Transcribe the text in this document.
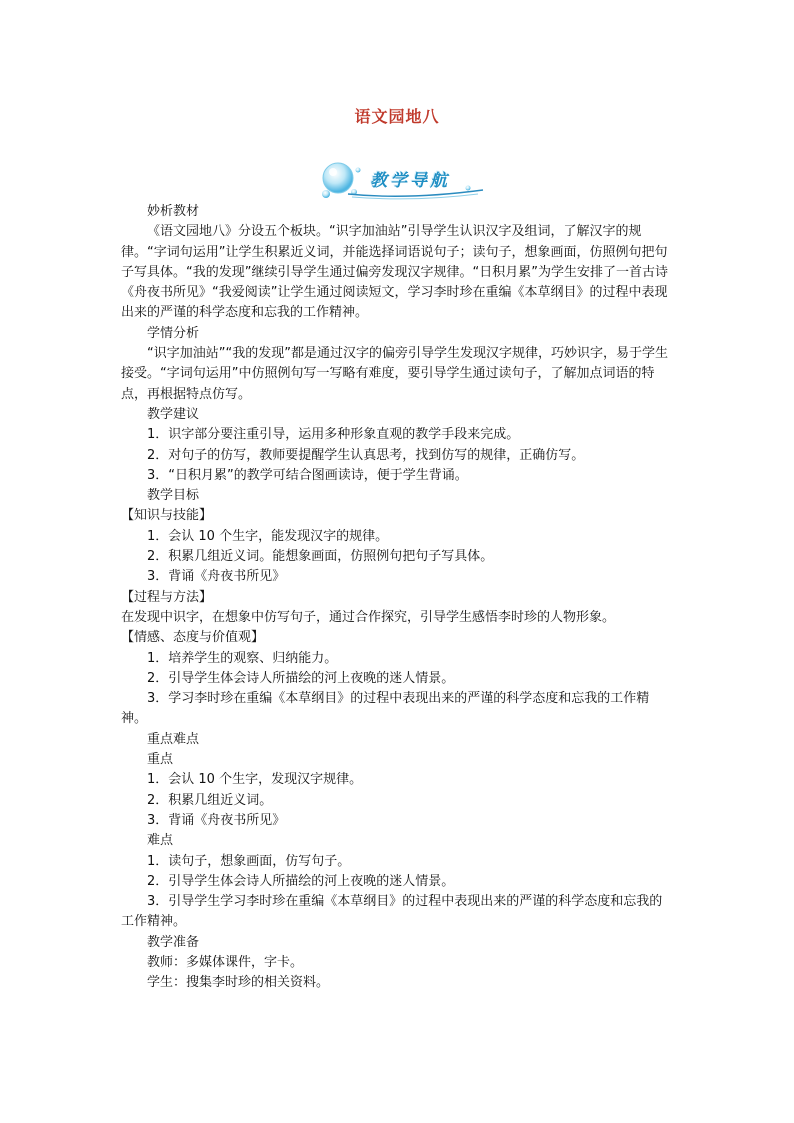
语文园地八
教学导航

妙析教材

《语文园地八》分设五个板块。“识字加油站”引导学生认识汉字及组词，了解汉字的规律。“字词句运用”让学生积累近义词，并能选择词语说句子；读句子，想象画面，仿照例句把句子写具体。“我的发现”继续引导学生通过偏旁发现汉字规律。“日积月累”为学生安排了一首古诗《舟夜书所见》“我爱阅读”让学生通过阅读短文，学习李时珍在重编《本草纲目》的过程中表现出来的严谨的科学态度和忘我的工作精神。

学情分析

“识字加油站”“我的发现”都是通过汉字的偏旁引导学生发现汉字规律，巧妙识字，易于学生接受。“字词句运用”中仿照例句写一写略有难度，要引导学生通过读句子，了解加点词语的特点，再根据特点仿写。

教学建议

1．识字部分要注重引导，运用多种形象直观的教学手段来完成。

2．对句子的仿写，教师要提醒学生认真思考，找到仿写的规律，正确仿写。

3．“日积月累”的教学可结合图画读诗，便于学生背诵。

教学目标

【知识与技能】

1．会认 10 个生字，能发现汉字的规律。

2．积累几组近义词。能想象画面，仿照例句把句子写具体。

3．背诵《舟夜书所见》

【过程与方法】

在发现中识字，在想象中仿写句子，通过合作探究，引导学生感悟李时珍的人物形象。

【情感、态度与价值观】

1．培养学生的观察、归纳能力。

2．引导学生体会诗人所描绘的河上夜晚的迷人情景。

3．学习李时珍在重编《本草纲目》的过程中表现出来的严谨的科学态度和忘我的工作精神。

重点难点

重点

1．会认 10 个生字，发现汉字规律。

2．积累几组近义词。

3．背诵《舟夜书所见》

难点

1．读句子，想象画面，仿写句子。

2．引导学生体会诗人所描绘的河上夜晚的迷人情景。

3．引导学生学习李时珍在重编《本草纲目》的过程中表现出来的严谨的科学态度和忘我的工作精神。

教学准备

教师：多媒体课件，字卡。

学生：搜集李时珍的相关资料。
